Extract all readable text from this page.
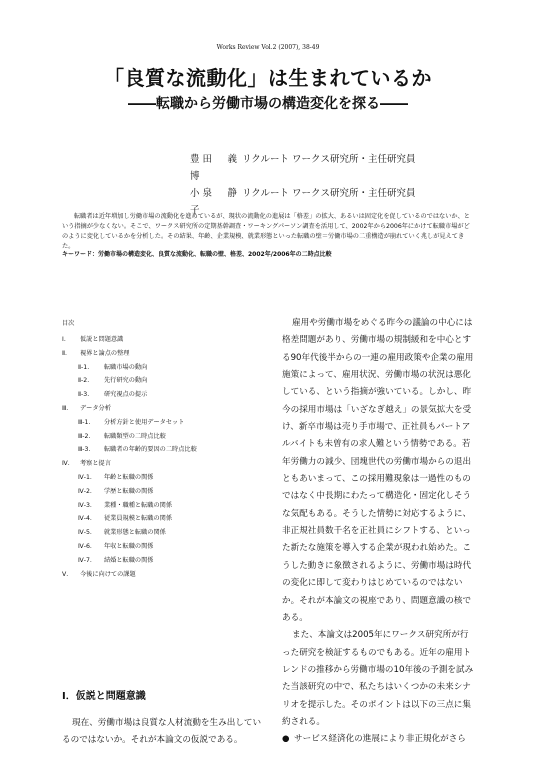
Works Review Vol.2 (2007), 38-49
「良質な流動化」は生まれているか
――転職から労働市場の構造変化を探る――
豊田　義博
リクルート ワークス研究所・主任研究員
小泉　静子
リクルート ワークス研究所・主任研究員
転職者は近年増加し労働市場の流動化を進めているが、現状の流動化の進展は「格差」の拡大、あるいは固定化を促しているのではないか、という指摘が少なくない。そこで、ワークス研究所の定期基幹調査・ワーキングパーソン調査を活用して、2002年から2006年にかけて転職市場がどのように変化しているかを分析した。その結果、年齢、企業規模、就業形態といった転職の壁＝労働市場の二重構造が崩れていく兆しが見えてきた。
キーワード：労働市場の構造変化、良質な流動化、転職の壁、格差、2002年/2006年の二時点比較
目次
Ⅰ. 仮説と問題意識
Ⅱ. 視界と論点の整理
Ⅱ-1. 転職市場の動向
Ⅱ-2. 先行研究の動向
Ⅱ-3. 研究視点の提示
Ⅲ. データ分析
Ⅲ-1. 分析方針と使用データセット
Ⅲ-2. 転職類型の二時点比較
Ⅲ-3. 転職者の年齢的要因の二時点比較
Ⅳ. 考察と提言
Ⅳ-1. 年齢と転職の関係
Ⅳ-2. 学歴と転職の関係
Ⅳ-3. 業種・職種と転職の関係
Ⅳ-4. 従業員規模と転職の関係
Ⅳ-5. 就業形態と転職の関係
Ⅳ-6. 年収と転職の関係
Ⅳ-7. 結婚と転職の関係
Ⅴ. 今後に向けての課題
Ⅰ．仮説と問題意識
現在、労働市場は良質な人材流動を生み出しているのではないか。それが本論文の仮説である。

雇用や労働市場をめぐる昨今の議論の中心には格差問題があり、労働市場の規制緩和を中心とする90年代後半からの一連の雇用政策や企業の雇用施策によって、雇用状況、労働市場の状況は悪化している、という指摘が強いている。しかし、昨今の採用市場は「いざなぎ越え」の景気拡大を受け、新卒市場は売り手市場で、正社員もパートアルバイトも未曽有の求人難という情勢である。若年労働力の減少、団塊世代の労働市場からの退出ともあいまって、この採用難現象は一過性のものではなく中長期にわたって構造化・固定化しそうな気配もある。そうした情勢に対応するように、非正規社員数千名を正社員にシフトする、といった新たな施策を導入する企業が現われ始めた。こうした動きに象徴されるように、労働市場は時代の変化に即して変わりはじめているのではないか。それが本論文の視座であり、問題意識の核である。

また、本論文は2005年にワークス研究所が行った研究を検証するものでもある。近年の雇用トレンドの推移から労働市場の10年後の予測を試みた当該研究の中で、私たちはいくつかの未来シナリオを提示した。そのポイントは以下の三点に集約される。

● サービス経済化の進展により非正規化がさら
